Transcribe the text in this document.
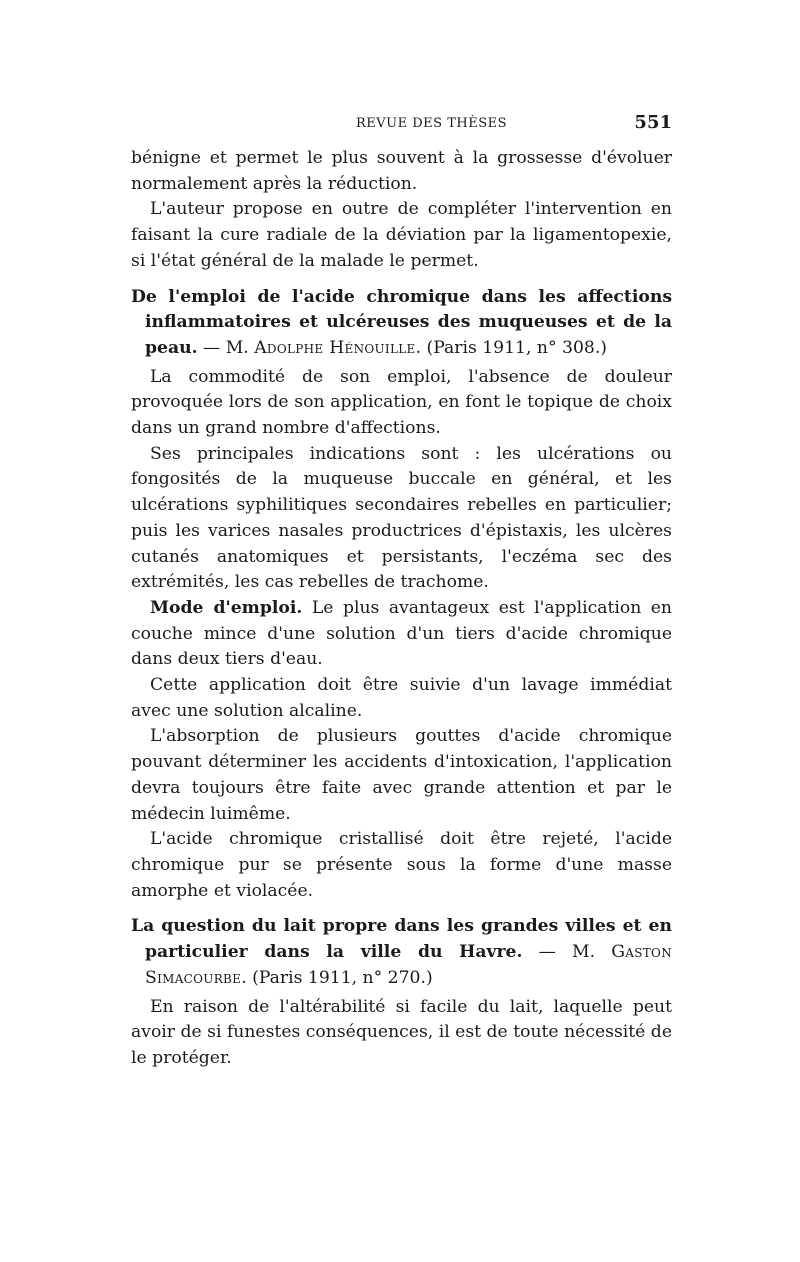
REVUE DES THÈSES	551

bénigne et permet le plus souvent à la grossesse d'évoluer normalement après la réduction.

L'auteur propose en outre de compléter l'intervention en faisant la cure radiale de la déviation par la ligamentopexie, si l'état général de la malade le permet.

De l'emploi de l'acide chromique dans les affections inflammatoires et ulcéreuses des muqueuses et de la peau. — M. Adolphe Hénouille. (Paris 1911, n° 308.)

La commodité de son emploi, l'absence de douleur provoquée lors de son application, en font le topique de choix dans un grand nombre d'affections.

Ses principales indications sont : les ulcérations ou fongosités de la muqueuse buccale en général, et les ulcérations syphilitiques secondaires rebelles en particulier; puis les varices nasales productrices d'épistaxis, les ulcères cutanés anatomiques et persistants, l'eczéma sec des extrémités, les cas rebelles de trachome.

Mode d'emploi. Le plus avantageux est l'application en couche mince d'une solution d'un tiers d'acide chromique dans deux tiers d'eau.

Cette application doit être suivie d'un lavage immédiat avec une solution alcaline.

L'absorption de plusieurs gouttes d'acide chromique pouvant déterminer les accidents d'intoxication, l'application devra toujours être faite avec grande attention et par le médecin luimême.

L'acide chromique cristallisé doit être rejeté, l'acide chromique pur se présente sous la forme d'une masse amorphe et violacée.

La question du lait propre dans les grandes villes et en particulier dans la ville du Havre. — M. Gaston Simacourbe. (Paris 1911, n° 270.)

En raison de l'altérabilité si facile du lait, laquelle peut avoir de si funestes conséquences, il est de toute nécessité de le protéger.
